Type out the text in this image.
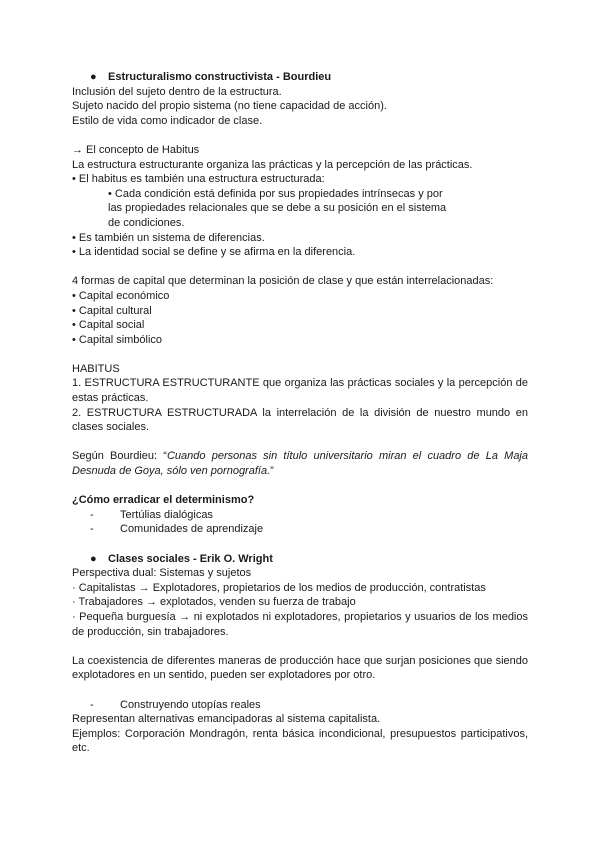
● Estructuralismo constructivista - Bourdieu
Inclusión del sujeto dentro de la estructura.
Sujeto nacido del propio sistema (no tiene capacidad de acción).
Estilo de vida como indicador de clase.
→ El concepto de Habitus
La estructura estructurante organiza las prácticas y la percepción de las prácticas.
• El habitus es también una estructura estructurada:
• Cada condición está definida por sus propiedades intrínsecas y por las propiedades relacionales que se debe a su posición en el sistema de condiciones.
• Es también un sistema de diferencias.
• La identidad social se define y se afirma en la diferencia.
4 formas de capital que determinan la posición de clase y que están interrelacionadas:
• Capital económico
• Capital cultural
• Capital social
• Capital simbólico
HABITUS
1. ESTRUCTURA ESTRUCTURANTE que organiza las prácticas sociales y la percepción de estas prácticas.
2. ESTRUCTURA ESTRUCTURADA la interrelación de la división de nuestro mundo en clases sociales.
Según Bourdieu: “Cuando personas sin título universitario miran el cuadro de La Maja Desnuda de Goya, sólo ven pornografía.”
¿Cómo erradicar el determinismo?
- Tertúlias dialógicas
- Comunidades de aprendizaje
● Clases sociales - Erik O. Wright
Perspectiva dual: Sistemas y sujetos
· Capitalistas → Explotadores, propietarios de los medios de producción, contratistas
· Trabajadores → explotados, venden su fuerza de trabajo
· Pequeña burguesía → ni explotados ni explotadores, propietarios y usuarios de los medios de producción, sin trabajadores.
La coexistencia de diferentes maneras de producción hace que surjan posiciones que siendo explotadores en un sentido, pueden ser explotadores por otro.
- Construyendo utopías reales
Representan alternativas emancipadoras al sistema capitalista.
Ejemplos: Corporación Mondragón, renta básica incondicional, presupuestos participativos, etc.
